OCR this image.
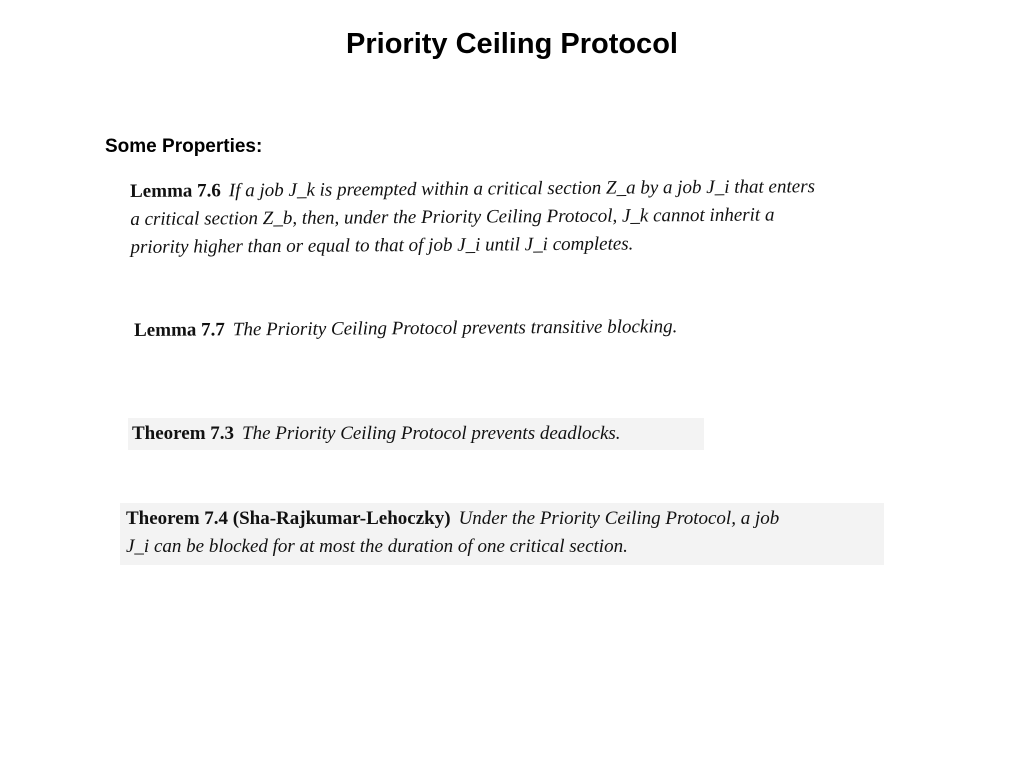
Priority Ceiling Protocol
Some Properties:
Lemma 7.6 If a job J_k is preempted within a critical section Z_a by a job J_i that enters
a critical section Z_b, then, under the Priority Ceiling Protocol, J_k cannot inherit a
priority higher than or equal to that of job J_i until J_i completes.
Lemma 7.7 The Priority Ceiling Protocol prevents transitive blocking.
Theorem 7.3 The Priority Ceiling Protocol prevents deadlocks.
Theorem 7.4 (Sha-Rajkumar-Lehoczky) Under the Priority Ceiling Protocol, a job
J_i can be blocked for at most the duration of one critical section.
